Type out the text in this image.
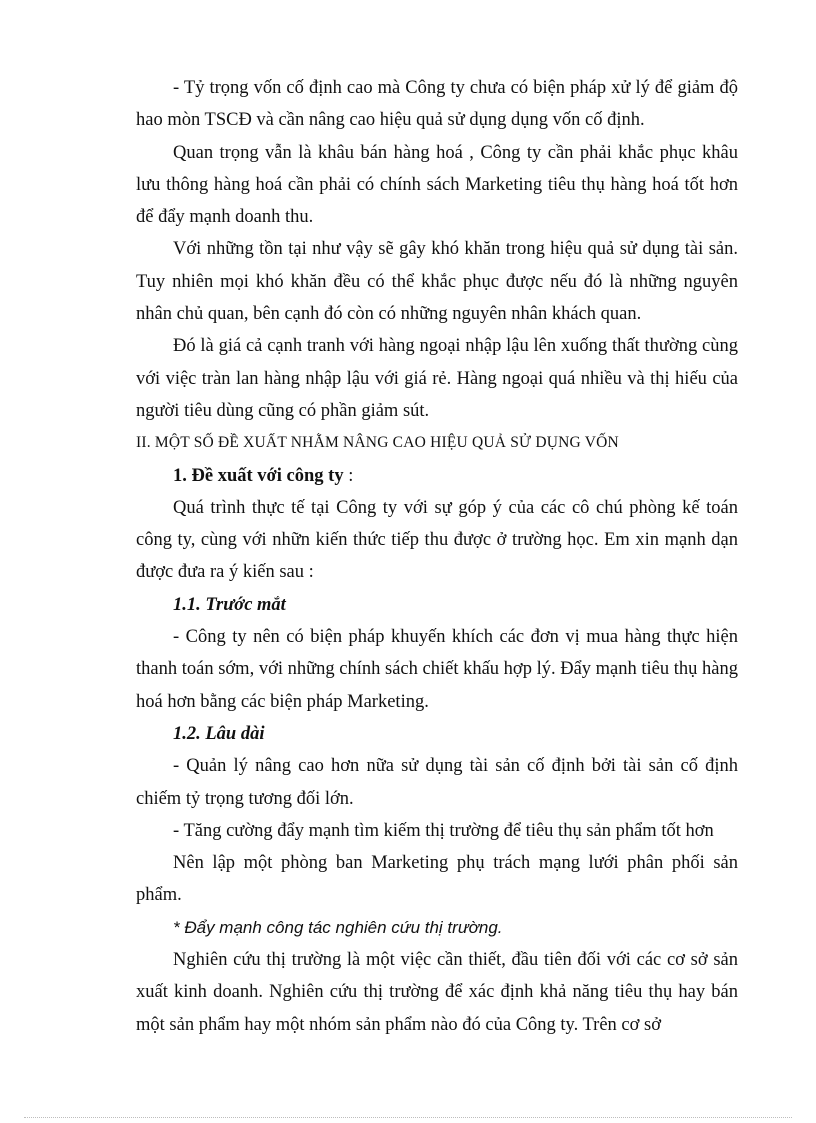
- Tỷ trọng vốn cố định cao mà Công ty chưa có biện pháp xử lý để giảm độ hao mòn TSCĐ và cần nâng cao hiệu quả sử dụng dụng vốn cố định.

Quan trọng vẫn là khâu bán hàng hoá , Công ty cần phải khắc phục khâu lưu thông hàng hoá cần phải có chính sách Marketing tiêu thụ hàng hoá tốt hơn để đẩy mạnh doanh thu.

Với những tồn tại như vậy sẽ gây khó khăn trong hiệu quả sử dụng tài sản. Tuy nhiên mọi khó khăn đều có thể khắc phục được nếu đó là những nguyên nhân chủ quan, bên cạnh đó còn có những nguyên nhân khách quan.

Đó là giá cả cạnh tranh với hàng ngoại nhập lậu lên xuống thất thường cùng với việc tràn lan hàng nhập lậu với giá rẻ. Hàng ngoại quá nhiều và thị hiếu của người tiêu dùng cũng có phần giảm sút.

II. MỘT SỐ ĐỀ XUẤT NHẰM NÂNG CAO HIỆU QUẢ SỬ DỤNG VỐN

1. Đề xuất với công ty :

Quá trình thực tế tại Công ty với sự góp ý của các cô chú phòng kế toán công ty, cùng với nhữn kiến thức tiếp thu được ở trường học. Em xin mạnh dạn được đưa ra ý kiến sau :

1.1. Trước mắt

- Công ty nên có biện pháp khuyến khích các đơn vị mua hàng thực hiện thanh toán sớm, với những chính sách chiết khấu hợp lý. Đẩy mạnh tiêu thụ hàng hoá hơn bằng các biện pháp Marketing.

1.2. Lâu dài

- Quản lý nâng cao hơn nữa sử dụng tài sản cố định bởi tài sản cố định chiếm tỷ trọng tương đối lớn.

- Tăng cường đẩy mạnh tìm kiếm thị trường để tiêu thụ sản phẩm tốt hơn

Nên lập một phòng ban Marketing phụ trách mạng lưới phân phối sản phẩm.

* Đẩy mạnh công tác nghiên cứu thị trường.

Nghiên cứu thị trường là một việc cần thiết, đầu tiên đối với các cơ sở sản xuất kinh doanh. Nghiên cứu thị trường để xác định khả năng tiêu thụ hay bán một sản phẩm hay một nhóm sản phẩm nào đó của Công ty. Trên cơ sở
